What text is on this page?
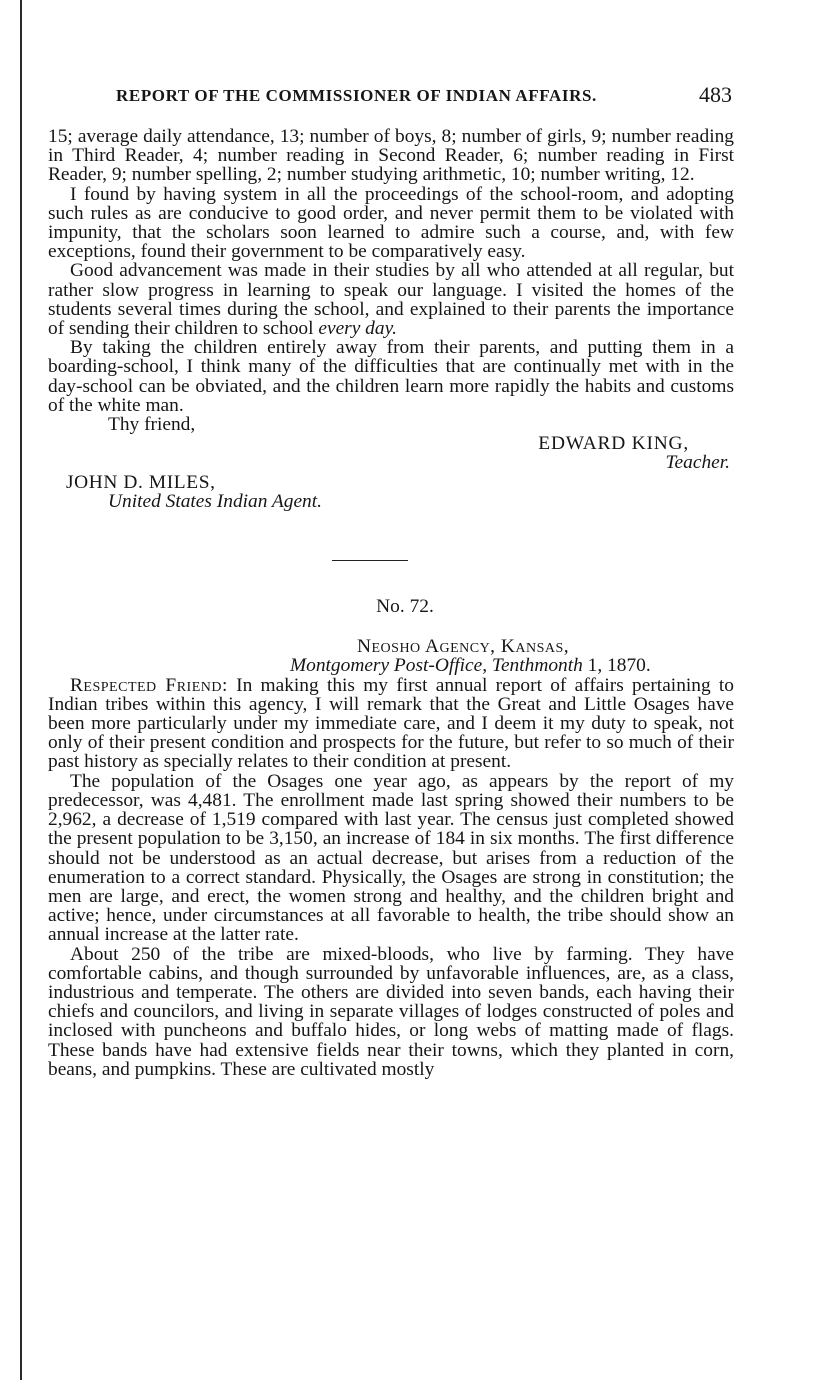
REPORT OF THE COMMISSIONER OF INDIAN AFFAIRS.	483

15; average daily attendance, 13; number of boys, 8; number of girls, 9; number reading in Third Reader, 4; number reading in Second Reader, 6; number reading in First Reader, 9; number spelling, 2; number studying arithmetic, 10; number writing, 12.

I found by having system in all the proceedings of the school-room, and adopting such rules as are conducive to good order, and never permit them to be violated with impunity, that the scholars soon learned to admire such a course, and, with few exceptions, found their government to be comparatively easy.

Good advancement was made in their studies by all who attended at all regular, but rather slow progress in learning to speak our language. I visited the homes of the students several times during the school, and explained to their parents the importance of sending their children to school every day.

By taking the children entirely away from their parents, and putting them in a boarding-school, I think many of the difficulties that are continually met with in the day-school can be obviated, and the children learn more rapidly the habits and customs of the white man.

Thy friend,

EDWARD KING,

Teacher.

JOHN D. MILES,

United States Indian Agent.

No. 72.

Neosho Agency, Kansas,

Montgomery Post-Office, Tenthmonth 1, 1870.

Respected Friend: In making this my first annual report of affairs pertaining to Indian tribes within this agency, I will remark that the Great and Little Osages have been more particularly under my immediate care, and I deem it my duty to speak, not only of their present condition and prospects for the future, but refer to so much of their past history as specially relates to their condition at present.

The population of the Osages one year ago, as appears by the report of my predecessor, was 4,481. The enrollment made last spring showed their numbers to be 2,962, a decrease of 1,519 compared with last year. The census just completed showed the present population to be 3,150, an increase of 184 in six months. The first difference should not be understood as an actual decrease, but arises from a reduction of the enumeration to a correct standard. Physically, the Osages are strong in constitution; the men are large, and erect, the women strong and healthy, and the children bright and active; hence, under circumstances at all favorable to health, the tribe should show an annual increase at the latter rate.

About 250 of the tribe are mixed-bloods, who live by farming. They have comfortable cabins, and though surrounded by unfavorable influences, are, as a class, industrious and temperate. The others are divided into seven bands, each having their chiefs and councilors, and living in separate villages of lodges constructed of poles and inclosed with puncheons and buffalo hides, or long webs of matting made of flags. These bands have had extensive fields near their towns, which they planted in corn, beans, and pumpkins. These are cultivated mostly
